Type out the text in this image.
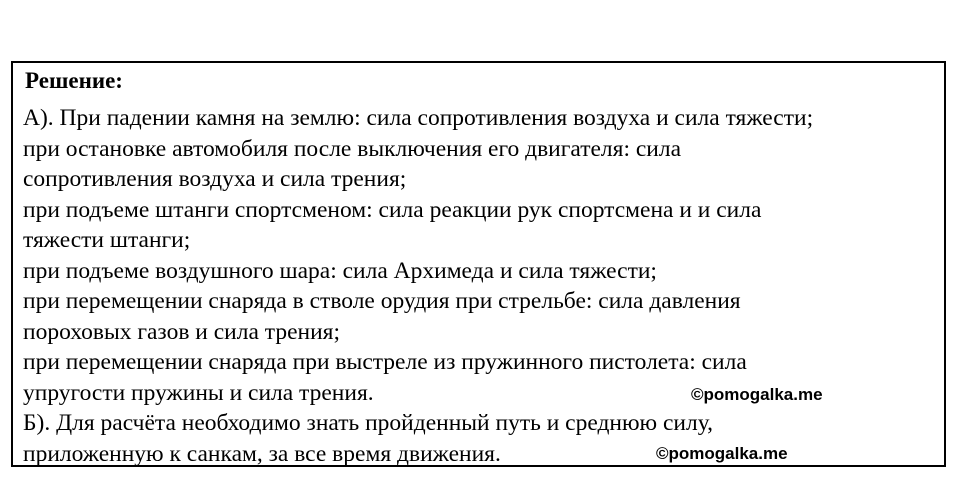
Решение:
А). При падении камня на землю: сила сопротивления воздуха и сила тяжести;
при остановке автомобиля после выключения его двигателя: сила
сопротивления воздуха и сила трения;
при подъеме штанги спортсменом: сила реакции рук спортсмена и и сила
тяжести штанги;
при подъеме воздушного шара: сила Архимеда и сила тяжести;
при перемещении снаряда в стволе орудия при стрельбе: сила давления
пороховых газов и сила трения;
при перемещении снаряда при выстреле из пружинного пистолета: сила
упругости пружины и сила трения.
Б). Для расчёта необходимо знать пройденный путь и среднюю силу,
приложенную к санкам, за все время движения.
©pomogalka.me
©pomogalka.me
